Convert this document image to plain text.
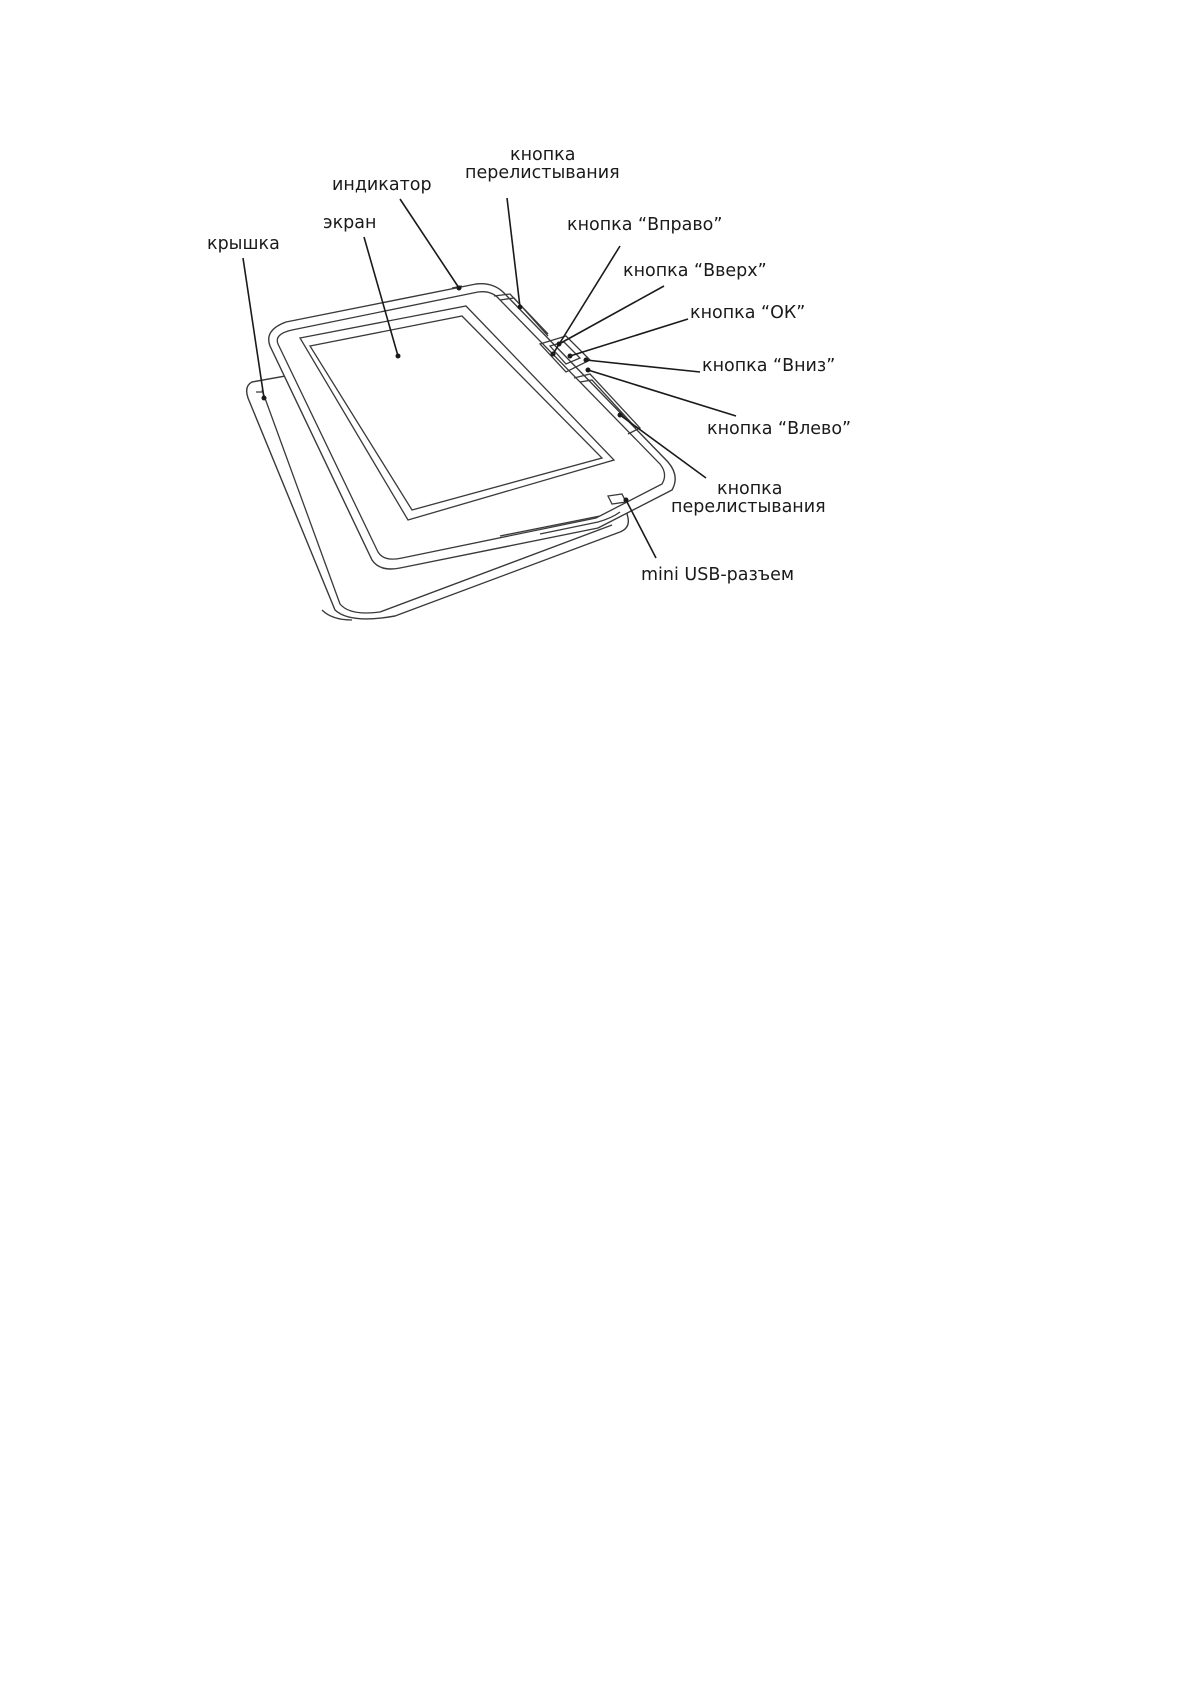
крышка
индикатор
экран
кнопка
перелистывания
кнопка “Вправо”
кнопка “Вверх”
кнопка “ОК”
кнопка “Вниз”
кнопка “Влево”
кнопка
перелистывания
mini USB-разъем
